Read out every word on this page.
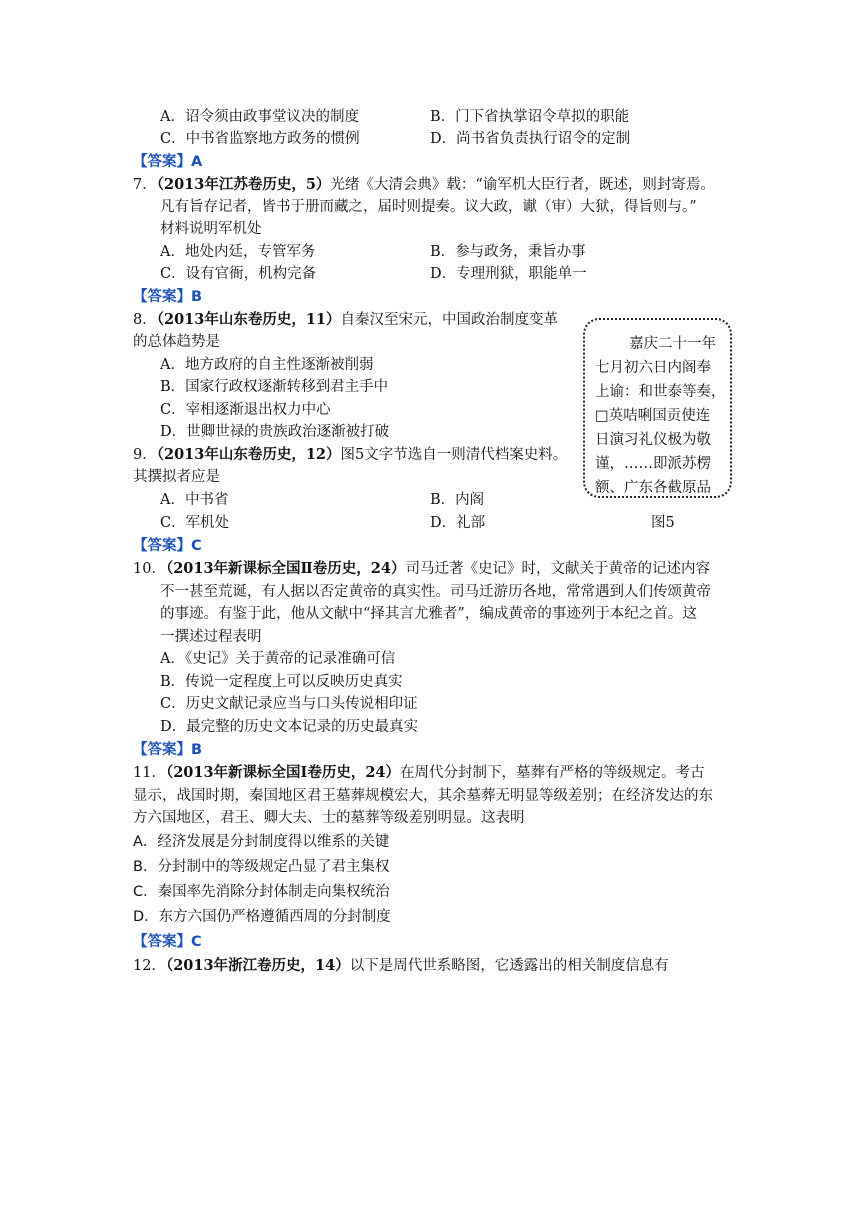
A．诏令须由政事堂议决的制度	B．门下省执掌诏令草拟的职能
C．中书省监察地方政务的惯例	D．尚书省负责执行诏令的定制
【答案】A
7．（2013年江苏卷历史，5）光绪《大清会典》载：“谕军机大臣行者，既述，则封寄焉。
凡有旨存记者，皆书于册而藏之，届时则提奏。议大政，谳（审）大狱，得旨则与。”
材料说明军机处
A．地处内廷，专管军务	B．参与政务，秉旨办事
C．设有官衙，机构完备	D．专理刑狱，职能单一
【答案】B
8．（2013年山东卷历史，11）自秦汉至宋元，中国政治制度变革
的总体趋势是
A．地方政府的自主性逐渐被削弱
B．国家行政权逐渐转移到君主手中
C．宰相逐渐退出权力中心
D．世卿世禄的贵族政治逐渐被打破
9．（2013年山东卷历史，12）图5文字节选自一则清代档案史料。
其撰拟者应是
A．中书省	B．内阁
C．军机处	D．礼部
【答案】C
嘉庆二十一年
七月初六日内阁奉
上谕：和世泰等奏，
□英咭唎国贡使连
日演习礼仪极为敬
谨，……即派苏楞
额、广东各截原品
图5
10．（2013年新课标全国Ⅱ卷历史，24）司马迁著《史记》时，文献关于黄帝的记述内容
不一甚至荒诞，有人据以否定黄帝的真实性。司马迁游历各地，常常遇到人们传颂黄帝
的事迹。有鉴于此，他从文献中“择其言尤雅者”，编成黄帝的事迹列于本纪之首。这
一撰述过程表明
A．《史记》关于黄帝的记录准确可信
B．传说一定程度上可以反映历史真实
C．历史文献记录应当与口头传说相印证
D．最完整的历史文本记录的历史最真实
【答案】B
11．（2013年新课标全国Ⅰ卷历史，24）在周代分封制下，墓葬有严格的等级规定。考古
显示，战国时期，秦国地区君王墓葬规模宏大，其余墓葬无明显等级差别；在经济发达的东
方六国地区，君王、卿大夫、士的墓葬等级差别明显。这表明
A．经济发展是分封制度得以维系的关键
B．分封制中的等级规定凸显了君主集权
C．秦国率先消除分封体制走向集权统治
D．东方六国仍严格遵循西周的分封制度
【答案】C
12．（2013年浙江卷历史，14）以下是周代世系略图，它透露出的相关制度信息有
